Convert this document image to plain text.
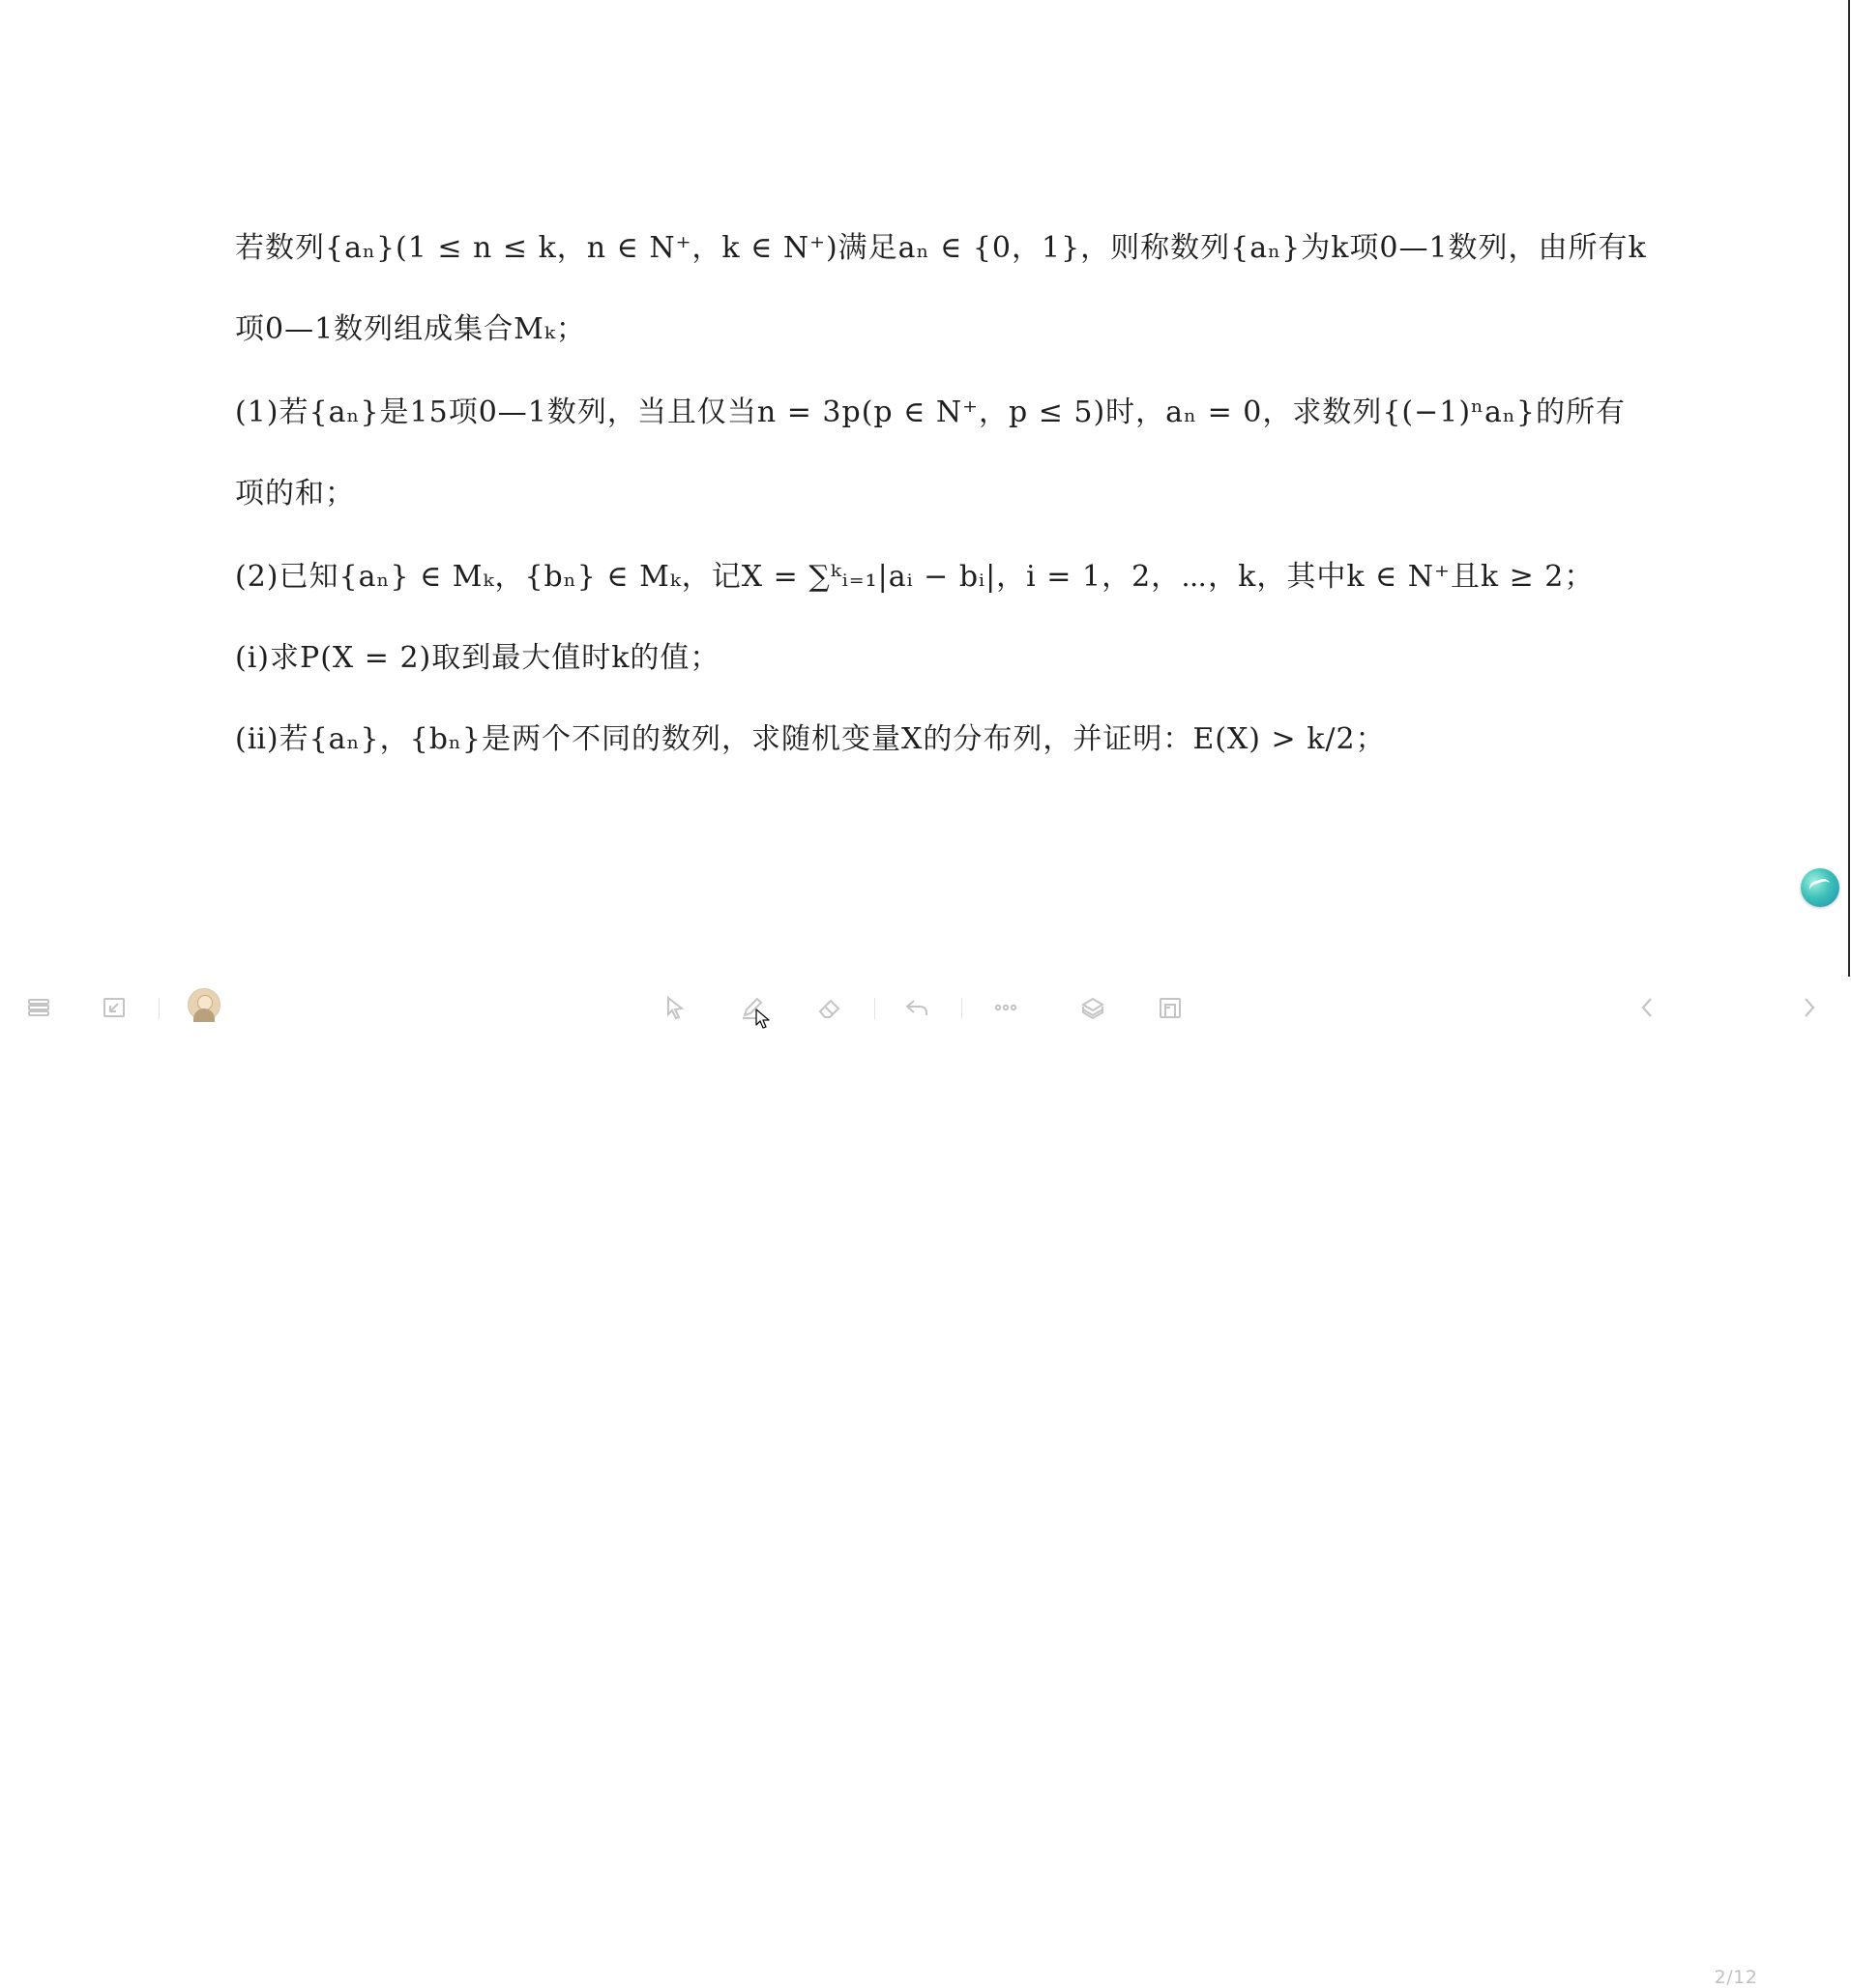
若数列{aₙ}(1 ≤ n ≤ k，n ∈ N⁺，k ∈ N⁺)满足aₙ ∈ {0，1}，则称数列{aₙ}为k项0—1数列，由所有k
项0—1数列组成集合Mₖ；
(1)若{aₙ}是15项0—1数列，当且仅当n = 3p(p ∈ N⁺，p ≤ 5)时，aₙ = 0，求数列{(−1)ⁿaₙ}的所有
项的和；
(2)已知{aₙ} ∈ Mₖ，{bₙ} ∈ Mₖ，记X = ∑ᵏᵢ₌₁|aᵢ − bᵢ|，i = 1，2，⋯，k，其中k ∈ N⁺且k ≥ 2；
(ⅰ)求P(X = 2)取到最大值时k的值；
(ⅱ)若{aₙ}，{bₙ}是两个不同的数列，求随机变量X的分布列，并证明：E(X) > k/2；
2/12
